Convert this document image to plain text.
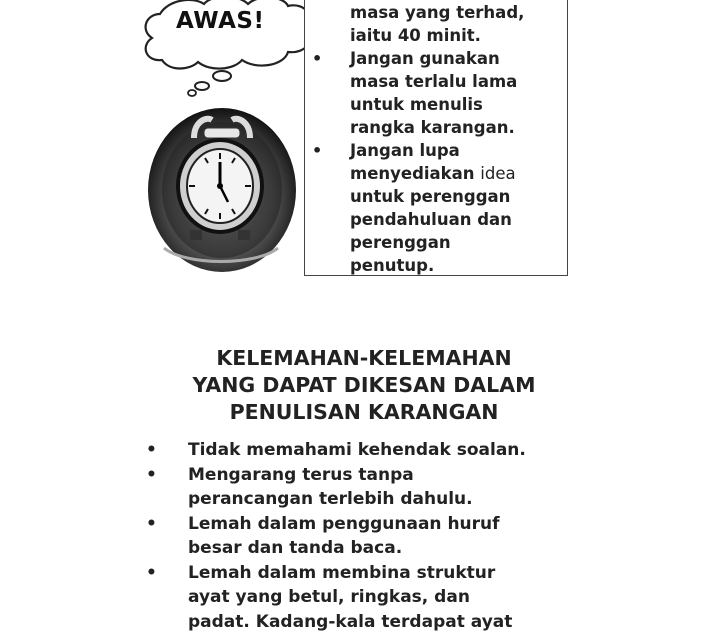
AWAS!	masa yang terhad,
iaitu 40 minit.
• Jangan gunakan
masa terlalu lama
untuk menulis
rangka karangan.
• Jangan lupa
menyediakan idea
untuk perenggan
pendahuluan dan
perenggan
penutup.
KELEMAHAN-KELEMAHAN
YANG DAPAT DIKESAN DALAM
PENULISAN KARANGAN
• Tidak memahami kehendak soalan.
• Mengarang terus tanpa
perancangan terlebih dahulu.
• Lemah dalam penggunaan huruf
besar dan tanda baca.
• Lemah dalam membina struktur
ayat yang betul, ringkas, dan
padat. Kadang-kala terdapat ayat
